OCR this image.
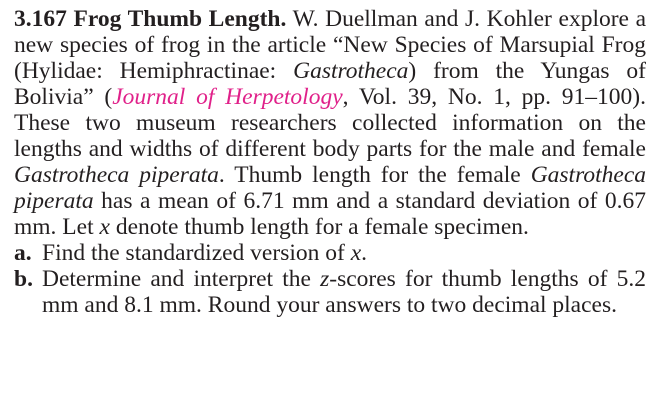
3.167 Frog Thumb Length. W. Duellman and J. Kohler explore a new species of frog in the article “New Species of Marsupial Frog (Hylidae: Hemiphractinae: Gastrotheca) from the Yungas of Bolivia” (Journal of Herpetology, Vol. 39, No. 1, pp. 91–100). These two museum researchers collected information on the lengths and widths of different body parts for the male and female Gastrotheca piperata. Thumb length for the female Gastrotheca piperata has a mean of 6.71 mm and a standard deviation of 0.67 mm. Let x denote thumb length for a female specimen.

a. Find the standardized version of x.
b. Determine and interpret the z-scores for thumb lengths of 5.2 mm and 8.1 mm. Round your answers to two decimal places.
